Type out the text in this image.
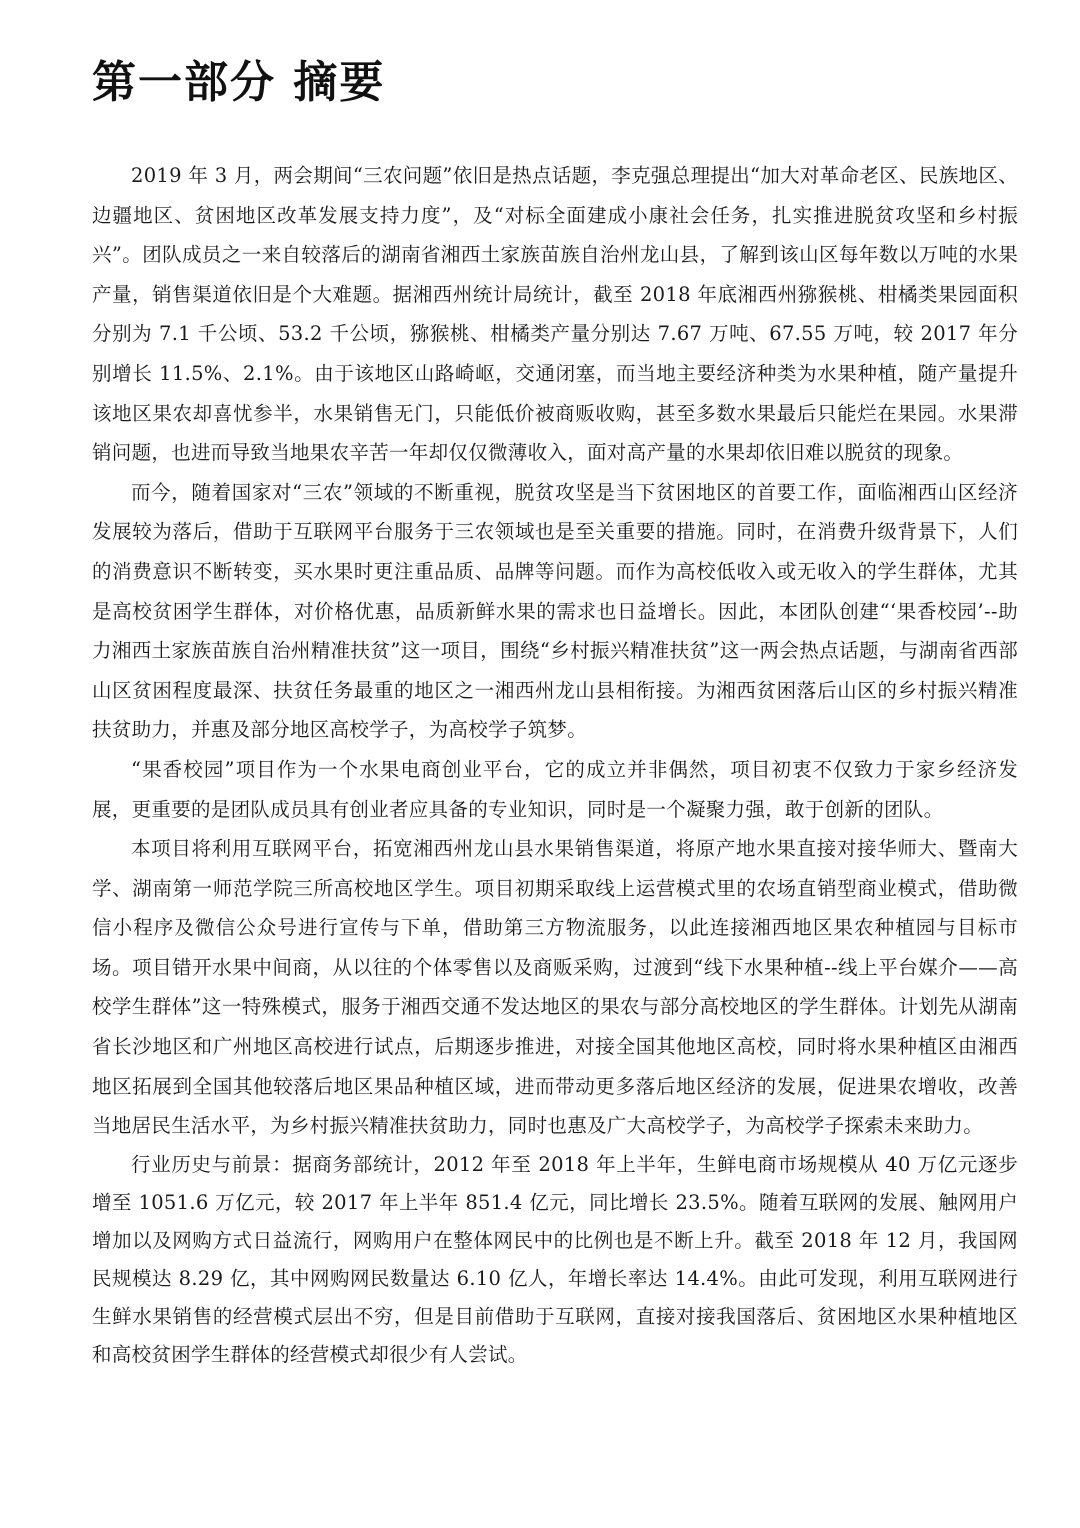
第一部分 摘要

2019 年 3 月，两会期间“三农问题”依旧是热点话题，李克强总理提出“加大对革命老区、民族地区、边疆地区、贫困地区改革发展支持力度”，及“对标全面建成小康社会任务，扎实推进脱贫攻坚和乡村振兴”。团队成员之一来自较落后的湖南省湘西土家族苗族自治州龙山县，了解到该山区每年数以万吨的水果产量，销售渠道依旧是个大难题。据湘西州统计局统计，截至 2018 年底湘西州猕猴桃、柑橘类果园面积分别为 7.1 千公顷、53.2 千公顷，猕猴桃、柑橘类产量分别达 7.67 万吨、67.55 万吨，较 2017 年分别增长 11.5%、2.1%。由于该地区山路崎岖，交通闭塞，而当地主要经济种类为水果种植，随产量提升该地区果农却喜忧参半，水果销售无门，只能低价被商贩收购，甚至多数水果最后只能烂在果园。水果滞销问题，也进而导致当地果农辛苦一年却仅仅微薄收入，面对高产量的水果却依旧难以脱贫的现象。

而今，随着国家对“三农”领域的不断重视，脱贫攻坚是当下贫困地区的首要工作，面临湘西山区经济发展较为落后，借助于互联网平台服务于三农领域也是至关重要的措施。同时，在消费升级背景下，人们的消费意识不断转变，买水果时更注重品质、品牌等问题。而作为高校低收入或无收入的学生群体，尤其是高校贫困学生群体，对价格优惠，品质新鲜水果的需求也日益增长。因此，本团队创建“‘果香校园’--助力湘西土家族苗族自治州精准扶贫”这一项目，围绕“乡村振兴精准扶贫”这一两会热点话题，与湖南省西部山区贫困程度最深、扶贫任务最重的地区之一湘西州龙山县相衔接。为湘西贫困落后山区的乡村振兴精准扶贫助力，并惠及部分地区高校学子，为高校学子筑梦。

“果香校园”项目作为一个水果电商创业平台，它的成立并非偶然，项目初衷不仅致力于家乡经济发展，更重要的是团队成员具有创业者应具备的专业知识，同时是一个凝聚力强，敢于创新的团队。

本项目将利用互联网平台，拓宽湘西州龙山县水果销售渠道，将原产地水果直接对接华师大、暨南大学、湖南第一师范学院三所高校地区学生。项目初期采取线上运营模式里的农场直销型商业模式，借助微信小程序及微信公众号进行宣传与下单，借助第三方物流服务，以此连接湘西地区果农种植园与目标市场。项目错开水果中间商，从以往的个体零售以及商贩采购，过渡到“线下水果种植--线上平台媒介——高校学生群体”这一特殊模式，服务于湘西交通不发达地区的果农与部分高校地区的学生群体。计划先从湖南省长沙地区和广州地区高校进行试点，后期逐步推进，对接全国其他地区高校，同时将水果种植区由湘西地区拓展到全国其他较落后地区果品种植区域，进而带动更多落后地区经济的发展，促进果农增收，改善当地居民生活水平，为乡村振兴精准扶贫助力，同时也惠及广大高校学子，为高校学子探索未来助力。

行业历史与前景：据商务部统计，2012 年至 2018 年上半年，生鲜电商市场规模从 40 万亿元逐步增至 1051.6 万亿元，较 2017 年上半年 851.4 亿元，同比增长 23.5%。随着互联网的发展、触网用户增加以及网购方式日益流行，网购用户在整体网民中的比例也是不断上升。截至 2018 年 12 月，我国网民规模达 8.29 亿，其中网购网民数量达 6.10 亿人，年增长率达 14.4%。由此可发现，利用互联网进行生鲜水果销售的经营模式层出不穷，但是目前借助于互联网，直接对接我国落后、贫困地区水果种植地区和高校贫困学生群体的经营模式却很少有人尝试。
